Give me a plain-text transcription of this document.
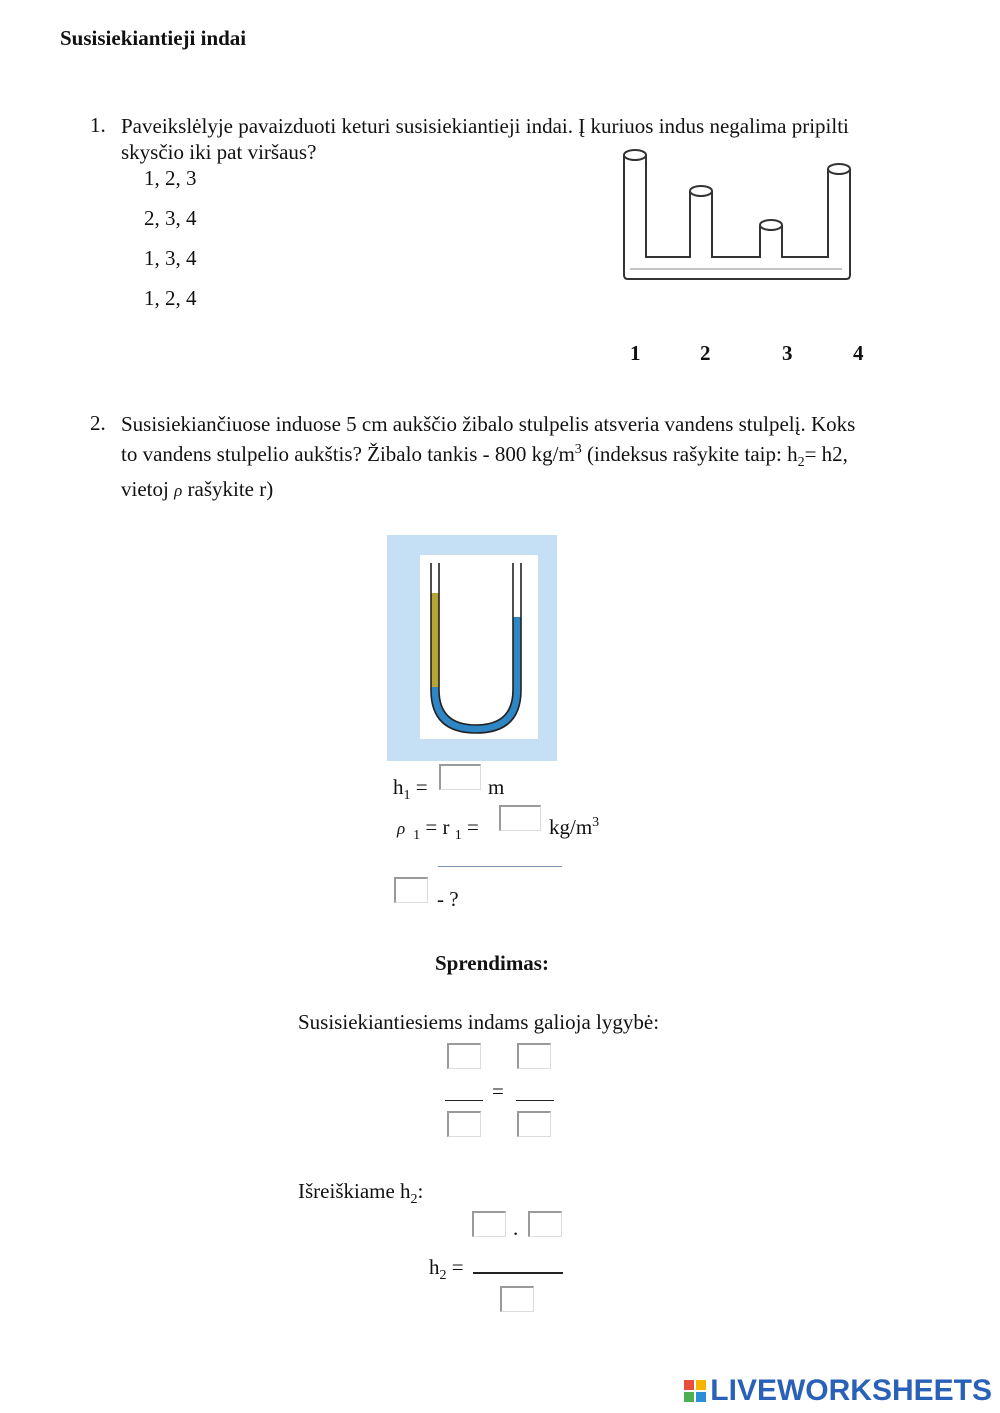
Susisiekiantieji indai
1. Paveikslėlyje pavaizduoti keturi susisiekiantieji indai. Į kuriuos indus negalima pripilti
skysčio iki pat viršaus?
1, 2, 3
2, 3, 4
1, 3, 4
1, 2, 4
1	2	3	4
2. Susisiekiančiuose induose 5 cm aukščio žibalo stulpelis atsveria vandens stulpelį. Koks
to vandens stulpelio aukštis? Žibalo tankis - 800 $kg/m^3$ (indeksus rašykite taip: $h_2= h2$,
vietoj ρ rašykite r)
$h_1$ =	m
ρ $_1$ = r $_1$ =	$kg/m^3$
- ?
Sprendimas:
Susisiekiantiesiems indams galioja lygybė:
=
Išreiškiame $h_2$:
.
$h_2$ =
LIVEWORKSHEETS
